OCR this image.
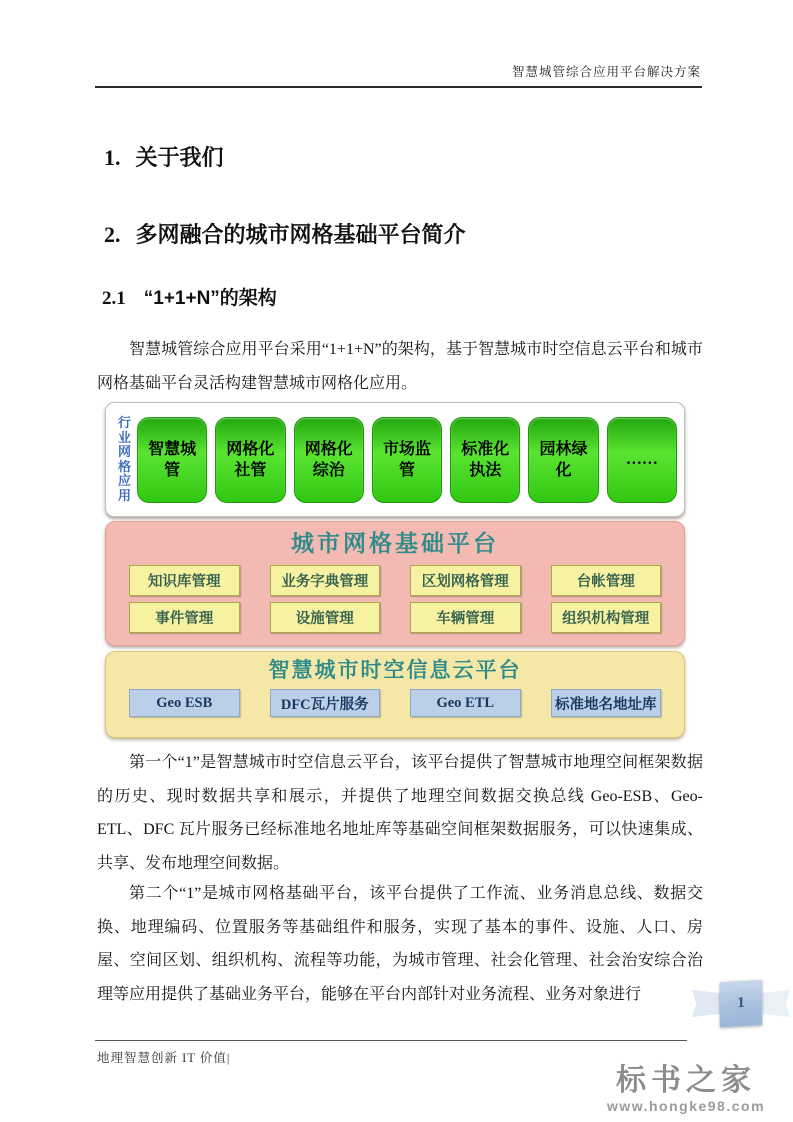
智慧城管综合应用平台解决方案
1. 关于我们
2. 多网融合的城市网格基础平台简介
2.1 “1+1+N”的架构

智慧城管综合应用平台采用“1+1+N”的架构，基于智慧城市时空信息云平台和城市网格基础平台灵活构建智慧城市网格化应用。

行业网格应用
智慧城管
网格化社管
网格化综治
市场监管
标准化执法
园林绿化
……
城市网格基础平台
知识库管理	业务字典管理	区划网格管理	台帐管理
事件管理	设施管理	车辆管理	组织机构管理
智慧城市时空信息云平台
Geo ESB	DFC瓦片服务	Geo ETL	标准地名地址库

第一个“1”是智慧城市时空信息云平台，该平台提供了智慧城市地理空间框架数据的历史、现时数据共享和展示，并提供了地理空间数据交换总线 Geo-ESB、Geo-ETL、DFC 瓦片服务已经标准地名地址库等基础空间框架数据服务，可以快速集成、共享、发布地理空间数据。

第二个“1”是城市网格基础平台，该平台提供了工作流、业务消息总线、数据交换、地理编码、位置服务等基础组件和服务，实现了基本的事件、设施、人口、房屋、空间区划、组织机构、流程等功能，为城市管理、社会化管理、社会治安综合治理等应用提供了基础业务平台，能够在平台内部针对业务流程、业务对象进行

1
地理智慧创新 IT 价值|
标书之家
www.hongke98.com
